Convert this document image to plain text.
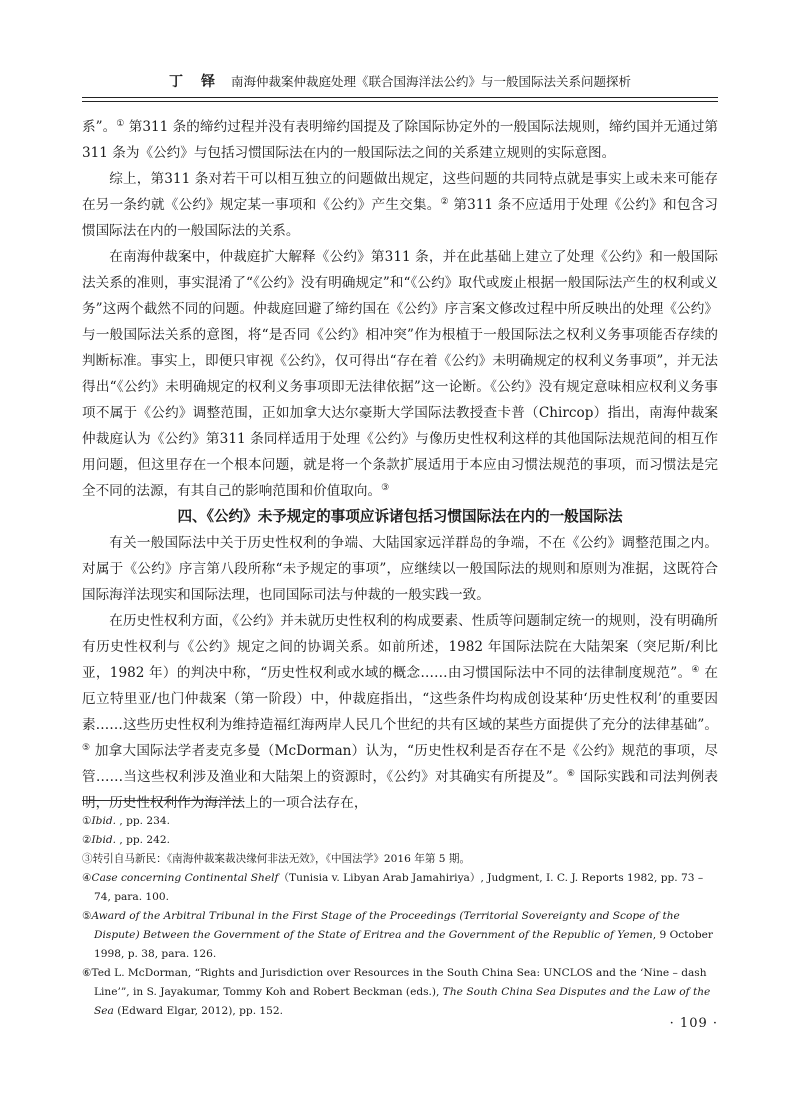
丁　铎 南海仲裁案仲裁庭处理《联合国海洋法公约》与一般国际法关系问题探析

系”。① 第311 条的缔约过程并没有表明缔约国提及了除国际协定外的一般国际法规则，缔约国并无通过第311 条为《公约》与包括习惯国际法在内的一般国际法之间的关系建立规则的实际意图。

综上，第311 条对若干可以相互独立的问题做出规定，这些问题的共同特点就是事实上或未来可能存在另一条约就《公约》规定某一事项和《公约》产生交集。② 第311 条不应适用于处理《公约》和包含习惯国际法在内的一般国际法的关系。

在南海仲裁案中，仲裁庭扩大解释《公约》第311 条，并在此基础上建立了处理《公约》和一般国际法关系的准则，事实混淆了“《公约》没有明确规定”和“《公约》取代或废止根据一般国际法产生的权利或义务”这两个截然不同的问题。仲裁庭回避了缔约国在《公约》序言案文修改过程中所反映出的处理《公约》与一般国际法关系的意图，将“是否同《公约》相冲突”作为根植于一般国际法之权利义务事项能否存续的判断标准。事实上，即便只审视《公约》，仅可得出“存在着《公约》未明确规定的权利义务事项”，并无法得出“《公约》未明确规定的权利义务事项即无法律依据”这一论断。《公约》没有规定意味相应权利义务事项不属于《公约》调整范围，正如加拿大达尔豪斯大学国际法教授查卡普（Chircop）指出，南海仲裁案仲裁庭认为《公约》第311 条同样适用于处理《公约》与像历史性权利这样的其他国际法规范间的相互作用问题，但这里存在一个根本问题，就是将一个条款扩展适用于本应由习惯法规范的事项，而习惯法是完全不同的法源，有其自己的影响范围和价值取向。③

四、《公约》未予规定的事项应诉诸包括习惯国际法在内的一般国际法

有关一般国际法中关于历史性权利的争端、大陆国家远洋群岛的争端，不在《公约》调整范围之内。对属于《公约》序言第八段所称“未予规定的事项”，应继续以一般国际法的规则和原则为准据，这既符合国际海洋法现实和国际法理，也同国际司法与仲裁的一般实践一致。

在历史性权利方面，《公约》并未就历史性权利的构成要素、性质等问题制定统一的规则，没有明确所有历史性权利与《公约》规定之间的协调关系。如前所述，1982 年国际法院在大陆架案（突尼斯/利比亚，1982 年）的判决中称，“历史性权利或水域的概念……由习惯国际法中不同的法律制度规范”。④ 在厄立特里亚/也门仲裁案（第一阶段）中，仲裁庭指出，“这些条件均构成创设某种‘历史性权利’的重要因素……这些历史性权利为维持造福红海两岸人民几个世纪的共有区域的某些方面提供了充分的法律基础”。⑤ 加拿大国际法学者麦克多曼（McDorman）认为，“历史性权利是否存在不是《公约》规范的事项，尽管……当这些权利涉及渔业和大陆架上的资源时，《公约》对其确实有所提及”。⑥ 国际实践和司法判例表明，历史性权利作为海洋法上的一项合法存在，

①Ibid. , pp. 234.

②Ibid. , pp. 242.

③转引自马新民：《南海仲裁案裁决缘何非法无效》，《中国法学》2016 年第 5 期。

④Case concerning Continental Shelf（Tunisia v. Libyan Arab Jamahiriya）, Judgment, I. C. J. Reports 1982, pp. 73 – 74, para. 100.

⑤Award of the Arbitral Tribunal in the First Stage of the Proceedings (Territorial Sovereignty and Scope of the Dispute) Between the Government of the State of Eritrea and the Government of the Republic of Yemen, 9 October 1998, p. 38, para. 126.

⑥Ted L. McDorman, “Rights and Jurisdiction over Resources in the South China Sea: UNCLOS and the ‘Nine – dash Line’”, in S. Jayakumar, Tommy Koh and Robert Beckman (eds.), The South China Sea Disputes and the Law of the Sea (Edward Elgar, 2012), pp. 152.

· 109 ·
